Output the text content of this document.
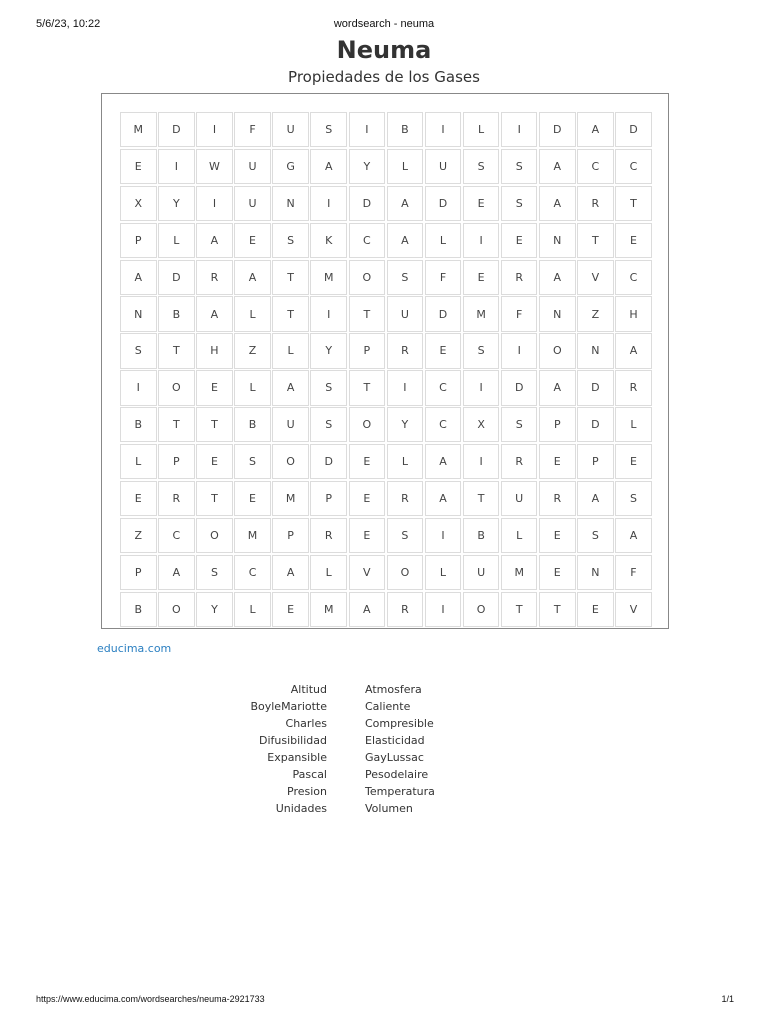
5/6/23, 10:22	wordsearch - neuma
Neuma
Propiedades de los Gases
M	D	I	F	U	S	I	B	I	L	I	D	A	D
E	I	W	U	G	A	Y	L	U	S	S	A	C	C
X	Y	I	U	N	I	D	A	D	E	S	A	R	T
P	L	A	E	S	K	C	A	L	I	E	N	T	E
A	D	R	A	T	M	O	S	F	E	R	A	V	C
N	B	A	L	T	I	T	U	D	M	F	N	Z	H
S	T	H	Z	L	Y	P	R	E	S	I	O	N	A
I	O	E	L	A	S	T	I	C	I	D	A	D	R
B	T	T	B	U	S	O	Y	C	X	S	P	D	L
L	P	E	S	O	D	E	L	A	I	R	E	P	E
E	R	T	E	M	P	E	R	A	T	U	R	A	S
Z	C	O	M	P	R	E	S	I	B	L	E	S	A
P	A	S	C	A	L	V	O	L	U	M	E	N	F
B	O	Y	L	E	M	A	R	I	O	T	T	E	V
educima.com
Altitud
BoyleMariotte
Charles
Difusibilidad
Expansible
Pascal
Presion
Unidades
Atmosfera
Caliente
Compresible
Elasticidad
GayLussac
Pesodelaire
Temperatura
Volumen
https://www.educima.com/wordsearches/neuma-2921733	1/1
